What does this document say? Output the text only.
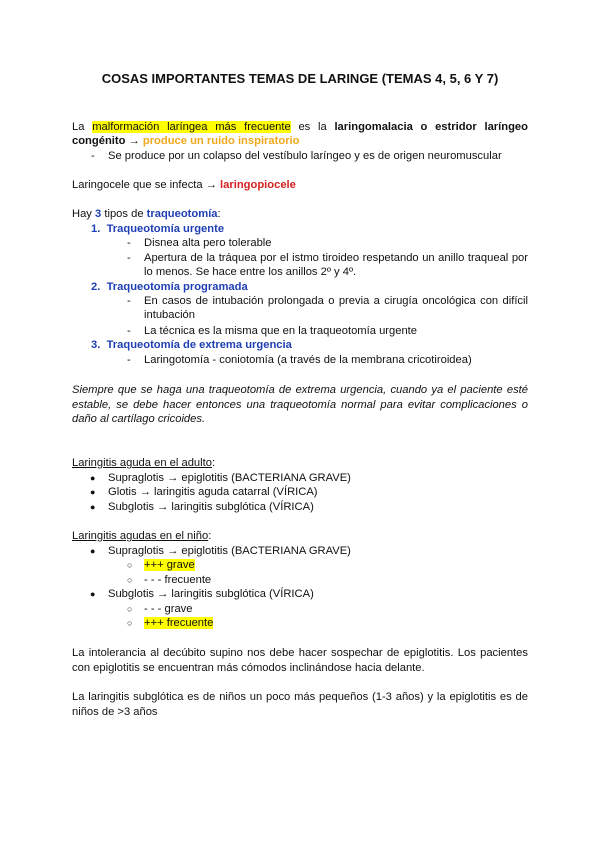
COSAS IMPORTANTES TEMAS DE LARINGE (TEMAS 4, 5, 6 Y 7)
La malformación laríngea más frecuente es la laringomalacia o estridor laríngeo
congénito → produce un ruido inspiratorio
- Se produce por un colapso del vestíbulo laríngeo y es de origen neuromuscular
Laringocele que se infecta → laringopiocele
Hay 3 tipos de traqueotomía:
1. Traqueotomía urgente
- Disnea alta pero tolerable
- Apertura de la tráquea por el istmo tiroideo respetando un anillo traqueal por
lo menos. Se hace entre los anillos 2º y 4º.
2. Traqueotomía programada
- En casos de intubación prolongada o previa a cirugía oncológica con difícil
intubación
- La técnica es la misma que en la traqueotomía urgente
3. Traqueotomía de extrema urgencia
- Laringotomía - coniotomía (a través de la membrana cricotiroidea)
Siempre que se haga una traqueotomía de extrema urgencia, cuando ya el paciente esté
estable, se debe hacer entonces una traqueotomía normal para evitar complicaciones o
daño al cartílago cricoides.
Laringitis aguda en el adulto:
● Supraglotis → epiglotitis (BACTERIANA GRAVE)
● Glotis → laringitis aguda catarral (VÍRICA)
● Subglotis → laringitis subglótica (VÍRICA)
Laringitis agudas en el niño:
● Supraglotis → epiglotitis (BACTERIANA GRAVE)
○ +++ grave
○ - - - frecuente
● Subglotis → laringitis subglótica (VÍRICA)
○ - - - grave
○ +++ frecuente
La intolerancia al decúbito supino nos debe hacer sospechar de epiglotitis. Los pacientes
con epiglotitis se encuentran más cómodos inclinándose hacia delante.
La laringitis subglótica es de niños un poco más pequeños (1-3 años) y la epiglotitis es de
niños de >3 años
